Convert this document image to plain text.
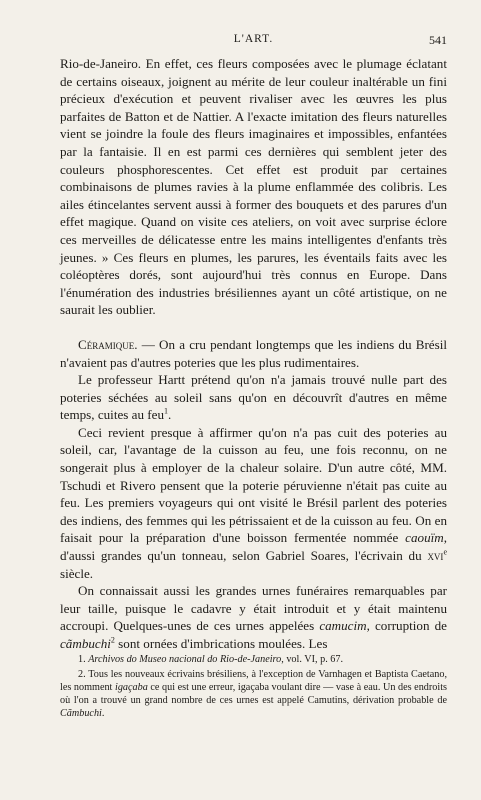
L'ART.	541

Rio-de-Janeiro. En effet, ces fleurs composées avec le plumage éclatant de certains oiseaux, joignent au mérite de leur couleur inaltérable un fini précieux d'exécution et peuvent rivaliser avec les œuvres les plus parfaites de Batton et de Nattier. A l'exacte imitation des fleurs naturelles vient se joindre la foule des fleurs imaginaires et impossibles, enfantées par la fantaisie. Il en est parmi ces dernières qui semblent jeter des couleurs phosphorescentes. Cet effet est produit par certaines combinaisons de plumes ravies à la plume enflammée des colibris. Les ailes étincelantes servent aussi à former des bouquets et des parures d'un effet magique. Quand on visite ces ateliers, on voit avec surprise éclore ces merveilles de délicatesse entre les mains intelligentes d'enfants très jeunes. » Ces fleurs en plumes, les parures, les éventails faits avec les coléoptères dorés, sont aujourd'hui très connus en Europe. Dans l'énumération des industries brésiliennes ayant un côté artistique, on ne saurait les oublier.

Céramique. — On a cru pendant longtemps que les indiens du Brésil n'avaient pas d'autres poteries que les plus rudimentaires.

Le professeur Hartt prétend qu'on n'a jamais trouvé nulle part des poteries séchées au soleil sans qu'on en découvrît d'autres en même temps, cuites au feu$^1$.

Ceci revient presque à affirmer qu'on n'a pas cuit des poteries au soleil, car, l'avantage de la cuisson au feu, une fois reconnu, on ne songerait plus à employer de la chaleur solaire. D'un autre côté, MM. Tschudi et Rivero pensent que la poterie péruvienne n'était pas cuite au feu. Les premiers voyageurs qui ont visité le Brésil parlent des poteries des indiens, des femmes qui les pétrissaient et de la cuisson au feu. On en faisait pour la préparation d'une boisson fermentée nommée caouïm, d'aussi grandes qu'un tonneau, selon Gabriel Soares, l'écrivain du xvi$^e$ siècle.

On connaissait aussi les grandes urnes funéraires remarquables par leur taille, puisque le cadavre y était introduit et y était maintenu accroupi. Quelques-unes de ces urnes appelées camucim, corruption de cãmbuchi$^2$ sont ornées d'imbrications moulées. Les

1. Archivos do Museo nacional do Rio-de-Janeiro, vol. VI, p. 67.

2. Tous les nouveaux écrivains brésiliens, à l'exception de Varnhagen et Baptista Caetano, les nomment igaçaba ce qui est une erreur, igaçaba voulant dire — vase à eau. Un des endroits où l'on a trouvé un grand nombre de ces urnes est appelé Camutins, dérivation probable de Cãmbuchi.
